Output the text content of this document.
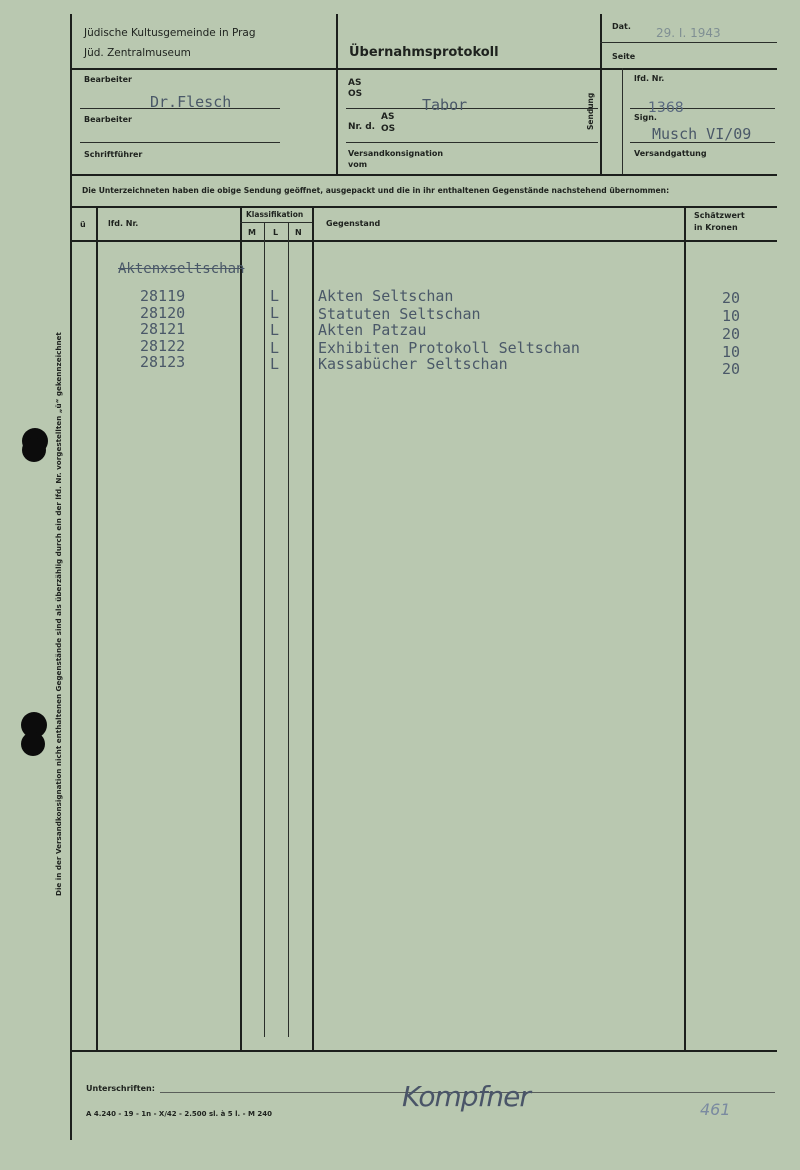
Jüdische Kultusgemeinde in Prag
Jüd. Zentralmuseum	Übernahmsprotokoll
Dat. 29. I. 1943
Seite
Bearbeiter
Dr.Flesch
Bearbeiter
Schriftführer
AS
OS
Tabor
Nr. d.
AS
OS
Versandkonsignation
vom
Sendung
lfd. Nr.
1368
Sign.
Musch VI/09
Versandgattung
Die Unterzeichneten haben die obige Sendung geöffnet, ausgepackt und die in ihr enthaltenen Gegenstände nachstehend übernommen:
ü	lfd. Nr.
Klassifikation
M L N
Gegenstand
Schätzwert
in Kronen
Aktenxseltschan
28119	L	Akten Seltschan	20
28120	L	Statuten Seltschan	10
28121	L	Akten Patzau	20
28122	L	Exhibiten Protokoll Seltschan	10
28123	L	Kassabücher Seltschan	20
Die in der Versandkonsignation nicht enthaltenen Gegenstände sind als überzählig durch ein der lfd. Nr. vorgestellten „ü“ gekennzeichnet
Unterschriften:
A 4.240 - 19 - 1n - X/42 - 2.500 sl. à 5 l. - M 240
Kompfner	461
